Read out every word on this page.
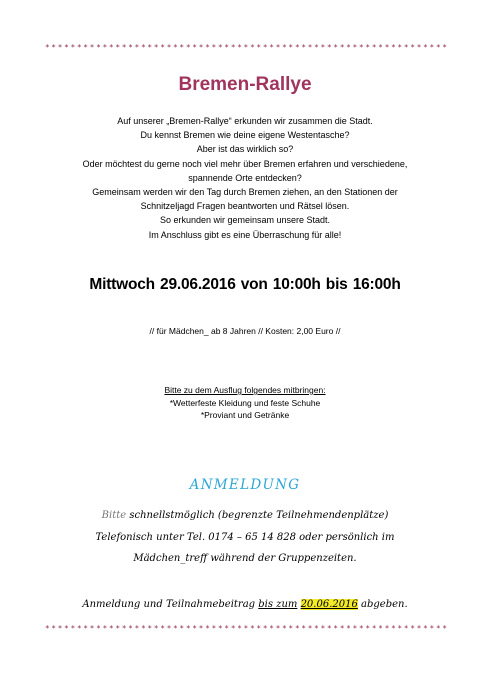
* * * * * * * * * * * * * * * * * * * * * * * * * * * * * * * * * * * * * * * * * * * * * * * * * * * * * * * * * * * * * * *
Bremen-Rallye
Auf unserer „Bremen-Rallye“ erkunden wir zusammen die Stadt.
Du kennst Bremen wie deine eigene Westentasche?
Aber ist das wirklich so?
Oder möchtest du gerne noch viel mehr über Bremen erfahren und verschiedene,
spannende Orte entdecken?
Gemeinsam werden wir den Tag durch Bremen ziehen, an den Stationen der
Schnitzeljagd Fragen beantworten und Rätsel lösen.
So erkunden wir gemeinsam unsere Stadt.
Im Anschluss gibt es eine Überraschung für alle!
Mittwoch 29.06.2016 von 10:00h bis 16:00h
// für Mädchen_ ab 8 Jahren // Kosten: 2,00 Euro //
Bitte zu dem Ausflug folgendes mitbringen:
*Wetterfeste Kleidung und feste Schuhe
*Proviant und Getränke
ANMELDUNG
Bitte schnellstmöglich (begrenzte Teilnehmendenplätze)
Telefonisch unter Tel. 0174 – 65 14 828 oder persönlich im
Mädchen_treff während der Gruppenzeiten.
Anmeldung und Teilnahmebeitrag bis zum 20.06.2016 abgeben.
* * * * * * * * * * * * * * * * * * * * * * * * * * * * * * * * * * * * * * * * * * * * * * * * * * * * * * * * * * * * * * *
